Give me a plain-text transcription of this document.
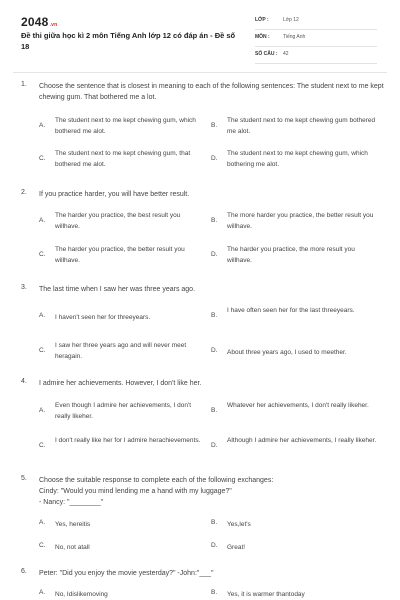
2048.vn
Đề thi giữa học kì 2 môn Tiếng Anh lớp 12 có đáp án - Đề số 18
LỚP :	Lớp 12
MÔN :	Tiếng Anh
SỐ CÂU : 42
1. Choose the sentence that is closest in meaning to each of the following sentences: The student next to me kept chewing gum. That bothered me a lot.
A.
The student next to me kept chewing gum, which bothered me alot.
B.
The student next to me kept chewing gum bothered me alot.
C.
The student next to me kept chewing gum, that bothered me alot.
D.
The student next to me kept chewing gum, which bothering me alot.
2. If you practice harder, you will have better result.
A.
The harder you practice, the best result you willhave.
B.
The more harder you practice, the better result you willhave.
C.
The harder you practice, the better result you willhave.
D.
The harder you practice, the more result you willhave.
3. The last time when I saw her was three years ago.
A. I haven't seen her for threeyears.	B.
I have often seen her for the last threeyears.
C.
I saw her three years ago and will never meet heragain.
D. About three years ago, I used to meether.
4. I admire her achievements. However, I don't like her.
A.
Even though I admire her achievements, I don't really likeher.
B.
Whatever her achievements, I don't really likeher.
C.
I don't really like her for I admire herachievements.
D.
Although I admire her achievements, I really likeher.
5. Choose the suitable response to complete each of the following exchanges:
Cindy: "Would you mind lending me a hand with my luggage?"
- Nancy: "________"
A. Yes, hereitis	B. Yes,let's
C. No, not atall	D. Great!
6. Peter: "Did you enjoy the movie yesterday?" -John:"___"
A. No, Idislikemoving	B. Yes, it is warmer thantoday
